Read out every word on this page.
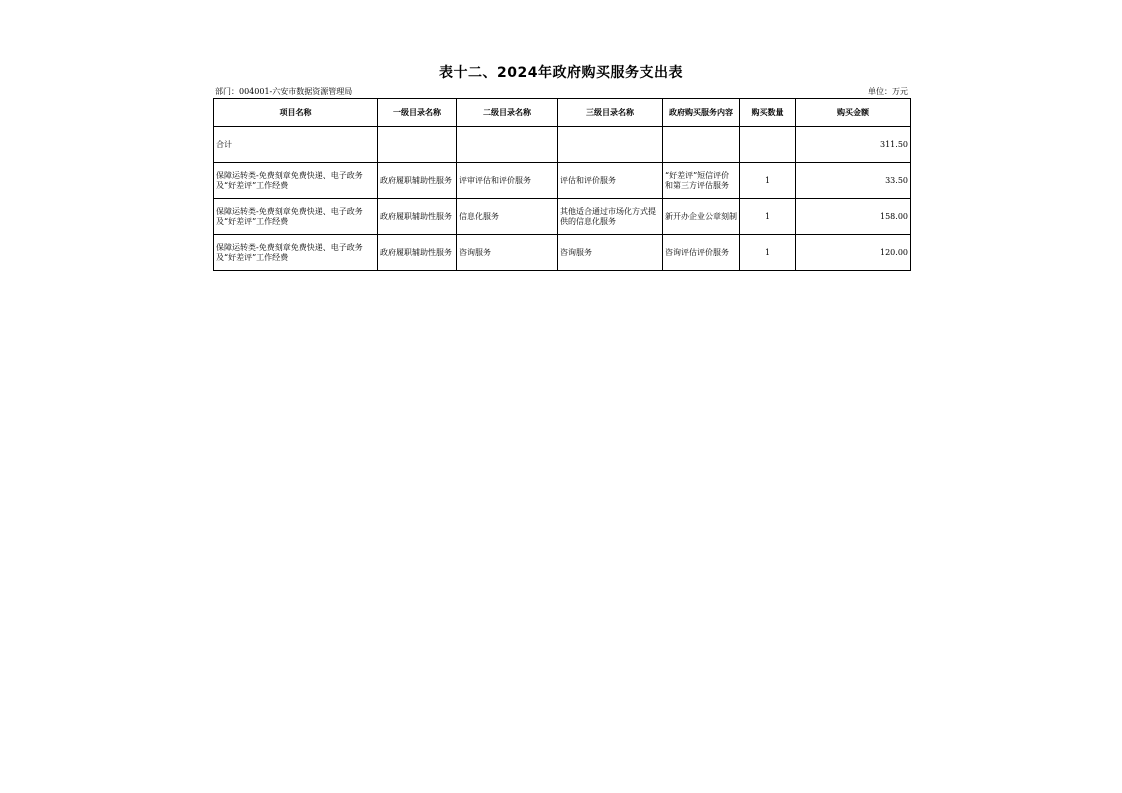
表十二、2024年政府购买服务支出表
部门：004001-六安市数据资源管理局	单位：万元
项目名称	一级目录名称	二级目录名称	三级目录名称	政府购买服务内容	购买数量	购买金额
合计						311.50
保障运转类-免费刻章免费快递、电子政务及“好差评”工作经费	政府履职辅助性服务	评审评估和评价服务	评估和评价服务	“好差评”短信评价和第三方评估服务	1	33.50
保障运转类-免费刻章免费快递、电子政务及“好差评”工作经费	政府履职辅助性服务	信息化服务	其他适合通过市场化方式提供的信息化服务	新开办企业公章刻制	1	158.00
保障运转类-免费刻章免费快递、电子政务及“好差评”工作经费	政府履职辅助性服务	咨询服务	咨询服务	咨询评估评价服务	1	120.00
